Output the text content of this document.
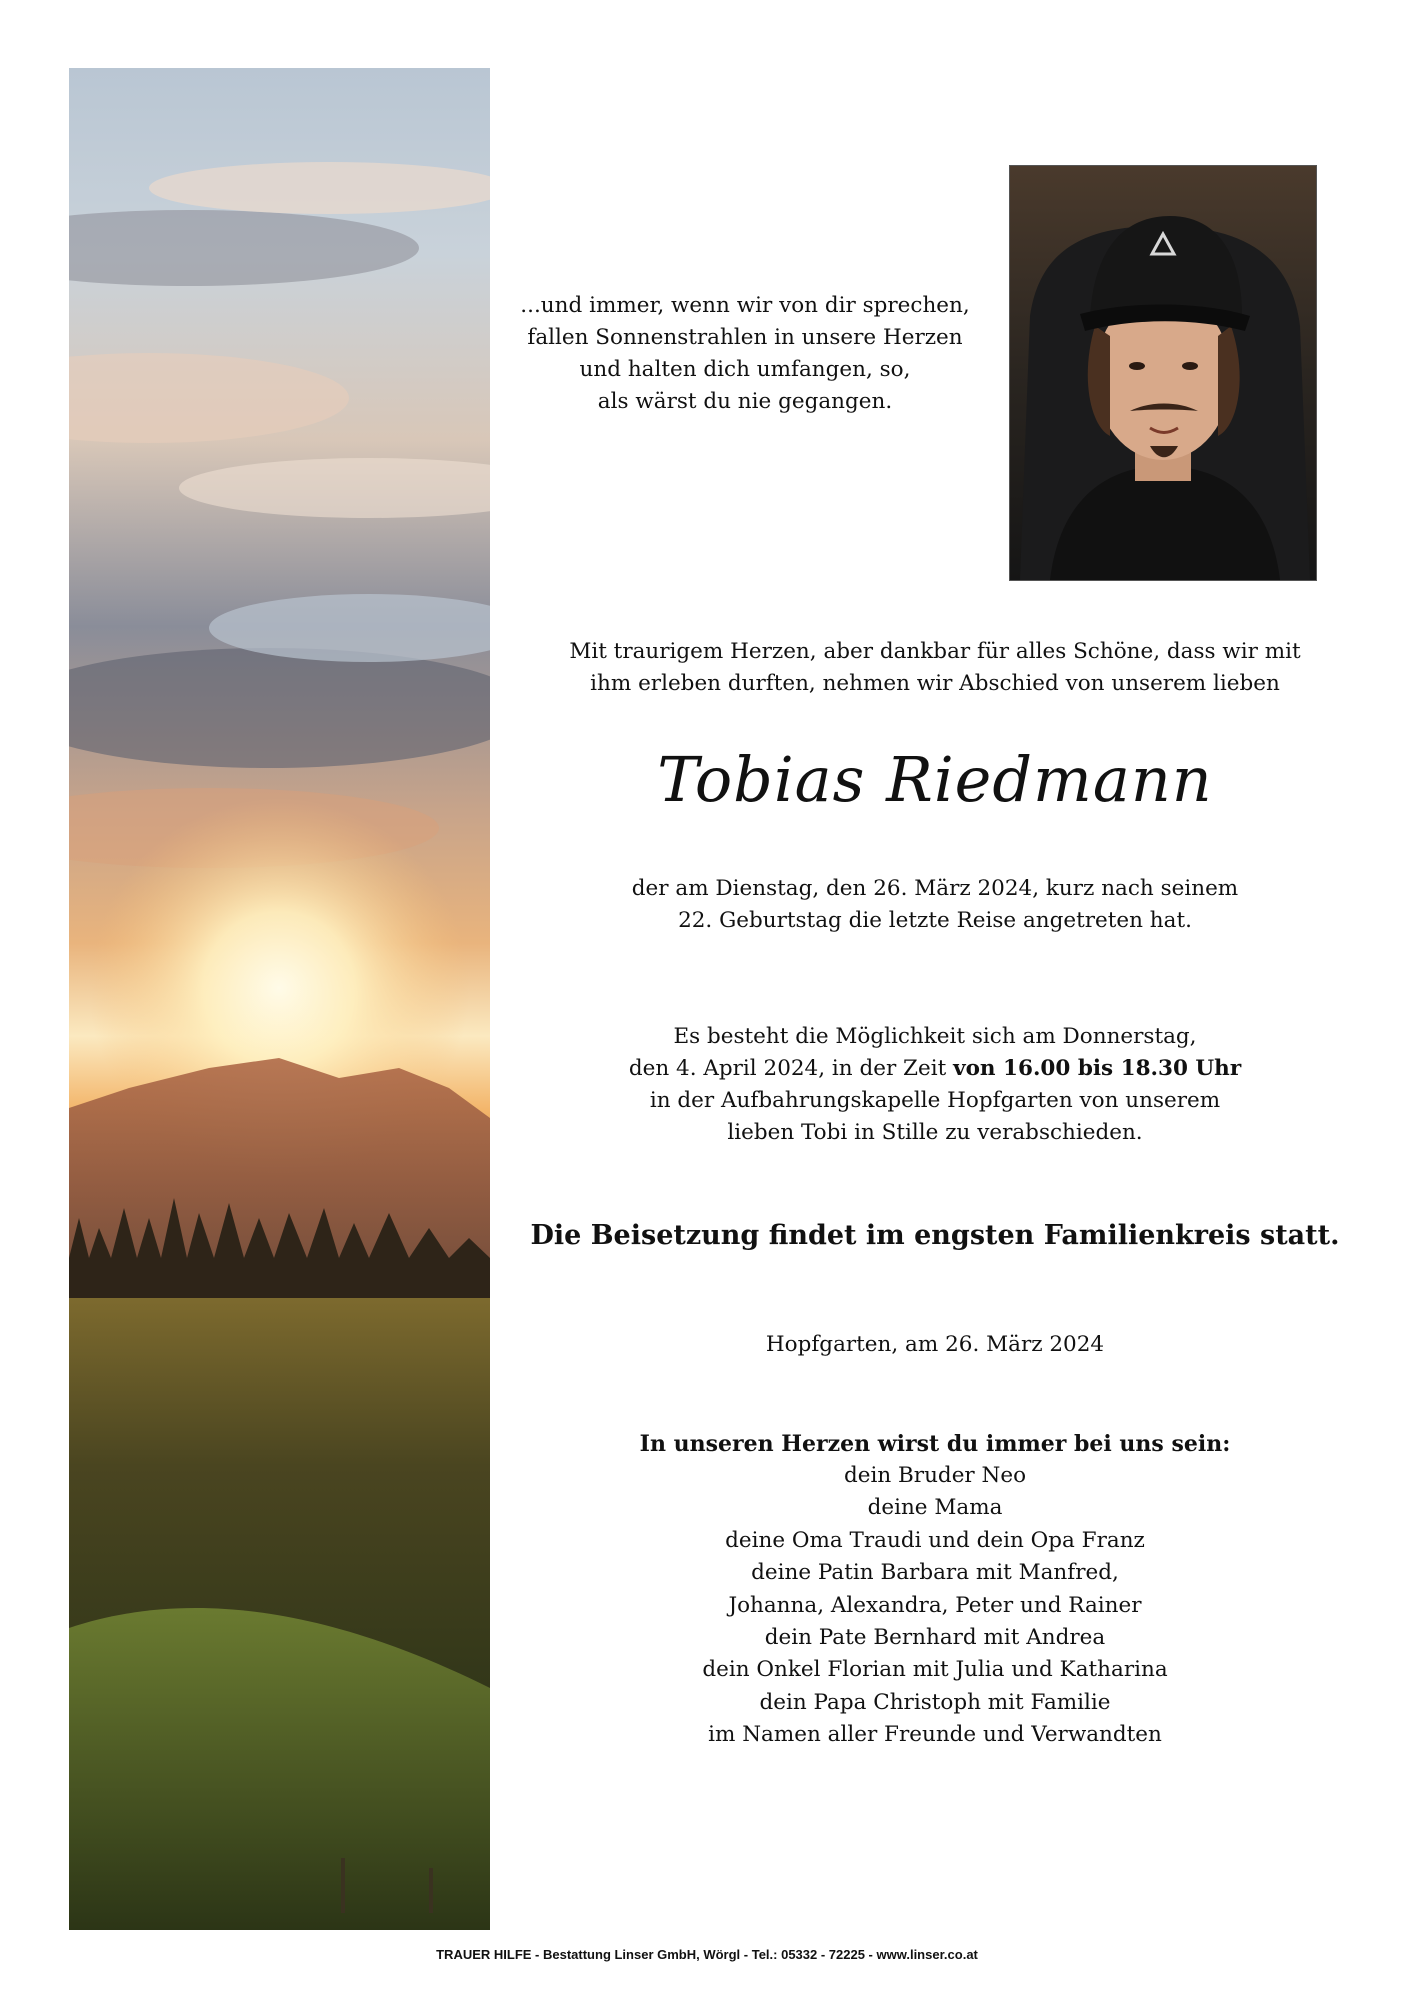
...und immer, wenn wir von dir sprechen,
fallen Sonnenstrahlen in unsere Herzen
und halten dich umfangen, so,
als wärst du nie gegangen.
Mit traurigem Herzen, aber dankbar für alles Schöne, dass wir mit
ihm erleben durften, nehmen wir Abschied von unserem lieben
Tobias Riedmann
der am Dienstag, den 26. März 2024, kurz nach seinem
22. Geburtstag die letzte Reise angetreten hat.
Es besteht die Möglichkeit sich am Donnerstag,
den 4. April 2024, in der Zeit von 16.00 bis 18.30 Uhr
in der Aufbahrungskapelle Hopfgarten von unserem
lieben Tobi in Stille zu verabschieden.
Die Beisetzung findet im engsten Familienkreis statt.
Hopfgarten, am 26. März 2024
In unseren Herzen wirst du immer bei uns sein:
dein Bruder Neo
deine Mama
deine Oma Traudi und dein Opa Franz
deine Patin Barbara mit Manfred,
Johanna, Alexandra, Peter und Rainer
dein Pate Bernhard mit Andrea
dein Onkel Florian mit Julia und Katharina
dein Papa Christoph mit Familie
im Namen aller Freunde und Verwandten
TRAUER HILFE - Bestattung Linser GmbH, Wörgl - Tel.: 05332 - 72225 - www.linser.co.at
